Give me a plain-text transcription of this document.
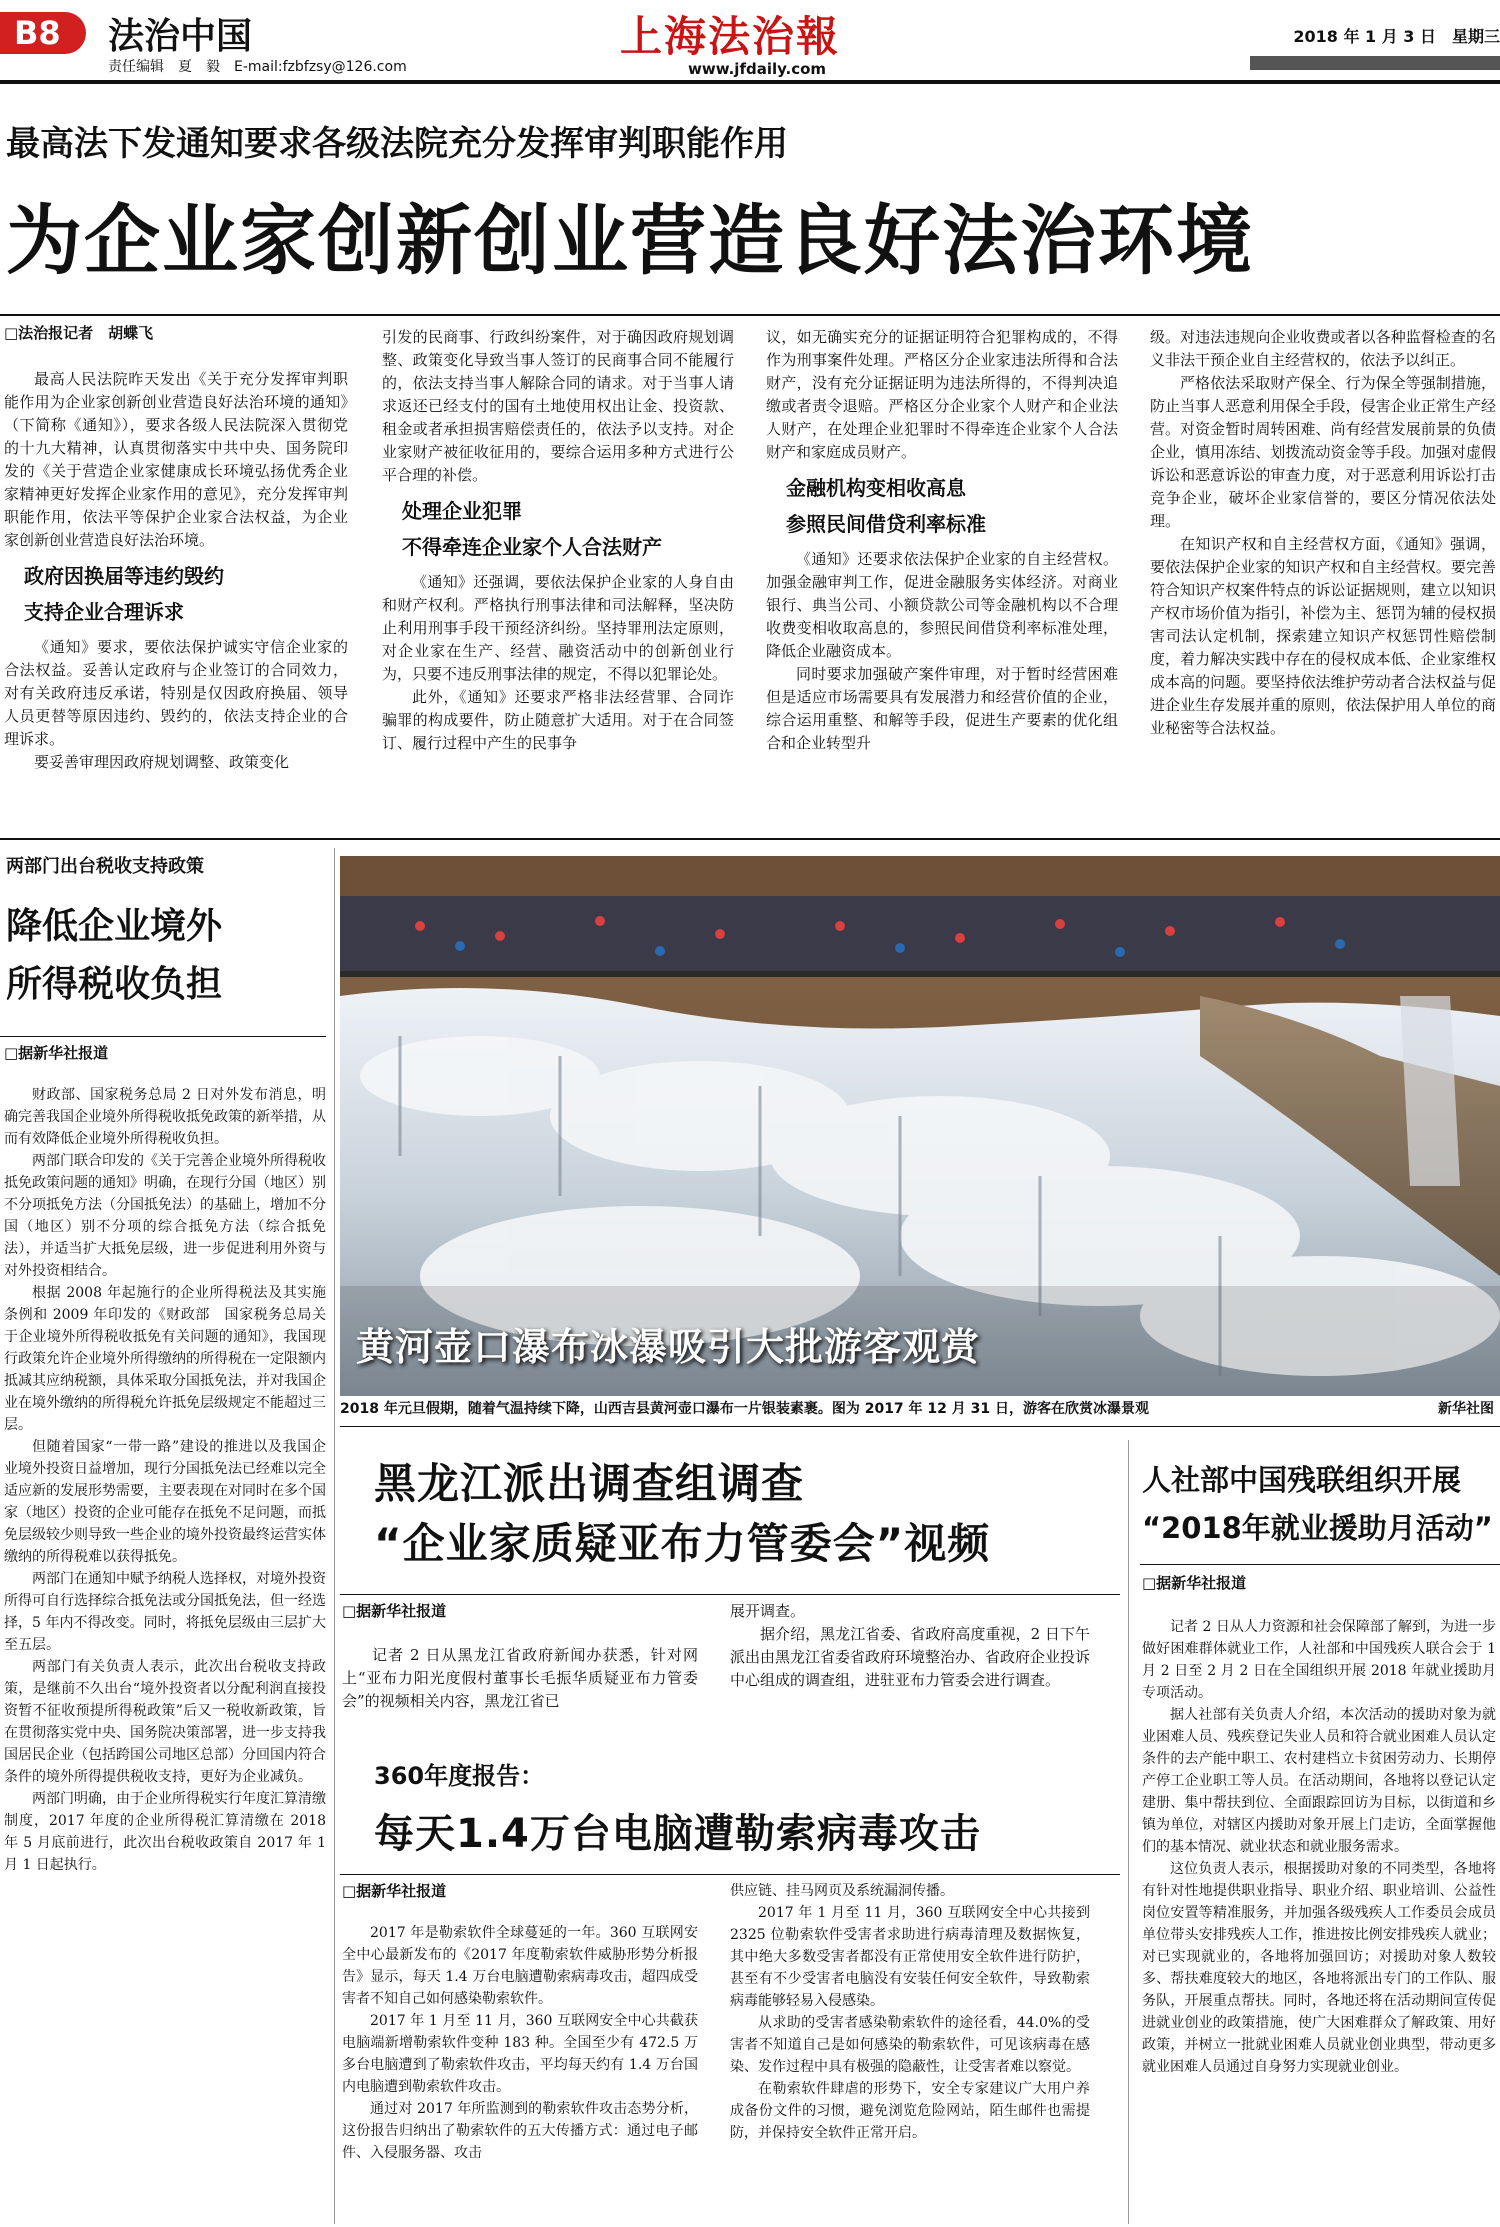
B8	法治中国
责任编辑　夏　毅　E-mail:fzbfzsy@126.com
上海法治報
www.jfdaily.com
2018 年 1 月 3 日　星期三
最高法下发通知要求各级法院充分发挥审判职能作用
为企业家创新创业营造良好法治环境
□法治报记者　胡蝶飞

最高人民法院昨天发出《关于充分发挥审判职能作用为企业家创新创业营造良好法治环境的通知》（下简称《通知》），要求各级人民法院深入贯彻党的十九大精神，认真贯彻落实中共中央、国务院印发的《关于营造企业家健康成长环境弘扬优秀企业家精神更好发挥企业家作用的意见》，充分发挥审判职能作用，依法平等保护企业家合法权益，为企业家创新创业营造良好法治环境。

政府因换届等违约毁约
支持企业合理诉求

《通知》要求，要依法保护诚实守信企业家的合法权益。妥善认定政府与企业签订的合同效力，对有关政府违反承诺，特别是仅因政府换届、领导人员更替等原因违约、毁约的，依法支持企业的合理诉求。

要妥善审理因政府规划调整、政策变化

引发的民商事、行政纠纷案件，对于确因政府规划调整、政策变化导致当事人签订的民商事合同不能履行的，依法支持当事人解除合同的请求。对于当事人请求返还已经支付的国有土地使用权出让金、投资款、租金或者承担损害赔偿责任的，依法予以支持。对企业家财产被征收征用的，要综合运用多种方式进行公平合理的补偿。

处理企业犯罪
不得牵连企业家个人合法财产

《通知》还强调，要依法保护企业家的人身自由和财产权利。严格执行刑事法律和司法解释，坚决防止利用刑事手段干预经济纠纷。坚持罪刑法定原则，对企业家在生产、经营、融资活动中的创新创业行为，只要不违反刑事法律的规定，不得以犯罪论处。

此外，《通知》还要求严格非法经营罪、合同诈骗罪的构成要件，防止随意扩大适用。对于在合同签订、履行过程中产生的民事争

议，如无确实充分的证据证明符合犯罪构成的，不得作为刑事案件处理。严格区分企业家违法所得和合法财产，没有充分证据证明为违法所得的，不得判决追缴或者责令退赔。严格区分企业家个人财产和企业法人财产，在处理企业犯罪时不得牵连企业家个人合法财产和家庭成员财产。

金融机构变相收高息
参照民间借贷利率标准

《通知》还要求依法保护企业家的自主经营权。加强金融审判工作，促进金融服务实体经济。对商业银行、典当公司、小额贷款公司等金融机构以不合理收费变相收取高息的，参照民间借贷利率标准处理，降低企业融资成本。

同时要求加强破产案件审理，对于暂时经营困难但是适应市场需要具有发展潜力和经营价值的企业，综合运用重整、和解等手段，促进生产要素的优化组合和企业转型升

级。对违法违规向企业收费或者以各种监督检查的名义非法干预企业自主经营权的，依法予以纠正。

严格依法采取财产保全、行为保全等强制措施，防止当事人恶意利用保全手段，侵害企业正常生产经营。对资金暂时周转困难、尚有经营发展前景的负债企业，慎用冻结、划拨流动资金等手段。加强对虚假诉讼和恶意诉讼的审查力度，对于恶意利用诉讼打击竞争企业，破坏企业家信誉的，要区分情况依法处理。

在知识产权和自主经营权方面，《通知》强调，要依法保护企业家的知识产权和自主经营权。要完善符合知识产权案件特点的诉讼证据规则，建立以知识产权市场价值为指引，补偿为主、惩罚为辅的侵权损害司法认定机制，探索建立知识产权惩罚性赔偿制度，着力解决实践中存在的侵权成本低、企业家维权成本高的问题。要坚持依法维护劳动者合法权益与促进企业生存发展并重的原则，依法保护用人单位的商业秘密等合法权益。

两部门出台税收支持政策
降低企业境外
所得税收负担
□据新华社报道

财政部、国家税务总局 2 日对外发布消息，明确完善我国企业境外所得税收抵免政策的新举措，从而有效降低企业境外所得税收负担。

两部门联合印发的《关于完善企业境外所得税收抵免政策问题的通知》明确，在现行分国（地区）别不分项抵免方法（分国抵免法）的基础上，增加不分国（地区）别不分项的综合抵免方法（综合抵免法），并适当扩大抵免层级，进一步促进利用外资与对外投资相结合。

根据 2008 年起施行的企业所得税法及其实施条例和 2009 年印发的《财政部　国家税务总局关于企业境外所得税收抵免有关问题的通知》，我国现行政策允许企业境外所得缴纳的所得税在一定限额内抵减其应纳税额，具体采取分国抵免法，并对我国企业在境外缴纳的所得税允许抵免层级规定不能超过三层。

但随着国家“一带一路”建设的推进以及我国企业境外投资日益增加，现行分国抵免法已经难以完全适应新的发展形势需要，主要表现在对同时在多个国家（地区）投资的企业可能存在抵免不足问题，而抵免层级较少则导致一些企业的境外投资最终运营实体缴纳的所得税难以获得抵免。

两部门在通知中赋予纳税人选择权，对境外投资所得可自行选择综合抵免法或分国抵免法，但一经选择，5 年内不得改变。同时，将抵免层级由三层扩大至五层。

两部门有关负责人表示，此次出台税收支持政策，是继前不久出台“境外投资者以分配利润直接投资暂不征收预提所得税政策”后又一税收新政策，旨在贯彻落实党中央、国务院决策部署，进一步支持我国居民企业（包括跨国公司地区总部）分回国内符合条件的境外所得提供税收支持，更好为企业减负。

两部门明确，由于企业所得税实行年度汇算清缴制度，2017 年度的企业所得税汇算清缴在 2018 年 5 月底前进行，此次出台税收政策自 2017 年 1 月 1 日起执行。

黄河壶口瀑布冰瀑吸引大批游客观赏
2018 年元旦假期，随着气温持续下降，山西吉县黄河壶口瀑布一片银装素裹。图为 2017 年 12 月 31 日，游客在欣赏冰瀑景观	新华社图
黑龙江派出调查组调查
“企业家质疑亚布力管委会”视频
□据新华社报道

记者 2 日从黑龙江省政府新闻办获悉，针对网上“亚布力阳光度假村董事长毛振华质疑亚布力管委会”的视频相关内容，黑龙江省已

展开调查。

据介绍，黑龙江省委、省政府高度重视，2 日下午派出由黑龙江省委省政府环境整治办、省政府企业投诉中心组成的调查组，进驻亚布力管委会进行调查。

360年度报告：
每天1.4万台电脑遭勒索病毒攻击
□据新华社报道

2017 年是勒索软件全球蔓延的一年。360 互联网安全中心最新发布的《2017 年度勒索软件威胁形势分析报告》显示，每天 1.4 万台电脑遭勒索病毒攻击，超四成受害者不知自己如何感染勒索软件。

2017 年 1 月至 11 月，360 互联网安全中心共截获电脑端新增勒索软件变种 183 种。全国至少有 472.5 万多台电脑遭到了勒索软件攻击，平均每天约有 1.4 万台国内电脑遭到勒索软件攻击。

通过对 2017 年所监测到的勒索软件攻击态势分析，这份报告归纳出了勒索软件的五大传播方式：通过电子邮件、入侵服务器、攻击

供应链、挂马网页及系统漏洞传播。

2017 年 1 月至 11 月，360 互联网安全中心共接到 2325 位勒索软件受害者求助进行病毒清理及数据恢复，其中绝大多数受害者都没有正常使用安全软件进行防护，甚至有不少受害者电脑没有安装任何安全软件，导致勒索病毒能够轻易入侵感染。

从求助的受害者感染勒索软件的途径看，44.0%的受害者不知道自己是如何感染的勒索软件，可见该病毒在感染、发作过程中具有极强的隐蔽性，让受害者难以察觉。

在勒索软件肆虐的形势下，安全专家建议广大用户养成备份文件的习惯，避免浏览危险网站，陌生邮件也需提防，并保持安全软件正常开启。

人社部中国残联组织开展
“2018年就业援助月活动”
□据新华社报道

记者 2 日从人力资源和社会保障部了解到，为进一步做好困难群体就业工作，人社部和中国残疾人联合会于 1 月 2 日至 2 月 2 日在全国组织开展 2018 年就业援助月专项活动。

据人社部有关负责人介绍，本次活动的援助对象为就业困难人员、残疾登记失业人员和符合就业困难人员认定条件的去产能中职工、农村建档立卡贫困劳动力、长期停产停工企业职工等人员。在活动期间，各地将以登记认定建册、集中帮扶到位、全面跟踪回访为目标，以街道和乡镇为单位，对辖区内援助对象开展上门走访，全面掌握他们的基本情况、就业状态和就业服务需求。

这位负责人表示，根据援助对象的不同类型，各地将有针对性地提供职业指导、职业介绍、职业培训、公益性岗位安置等精准服务，并加强各级残疾人工作委员会成员单位带头安排残疾人工作，推进按比例安排残疾人就业；对已实现就业的，各地将加强回访；对援助对象人数较多、帮扶难度较大的地区，各地将派出专门的工作队、服务队，开展重点帮扶。同时，各地还将在活动期间宣传促进就业创业的政策措施，使广大困难群众了解政策、用好政策，并树立一批就业困难人员就业创业典型，带动更多就业困难人员通过自身努力实现就业创业。
